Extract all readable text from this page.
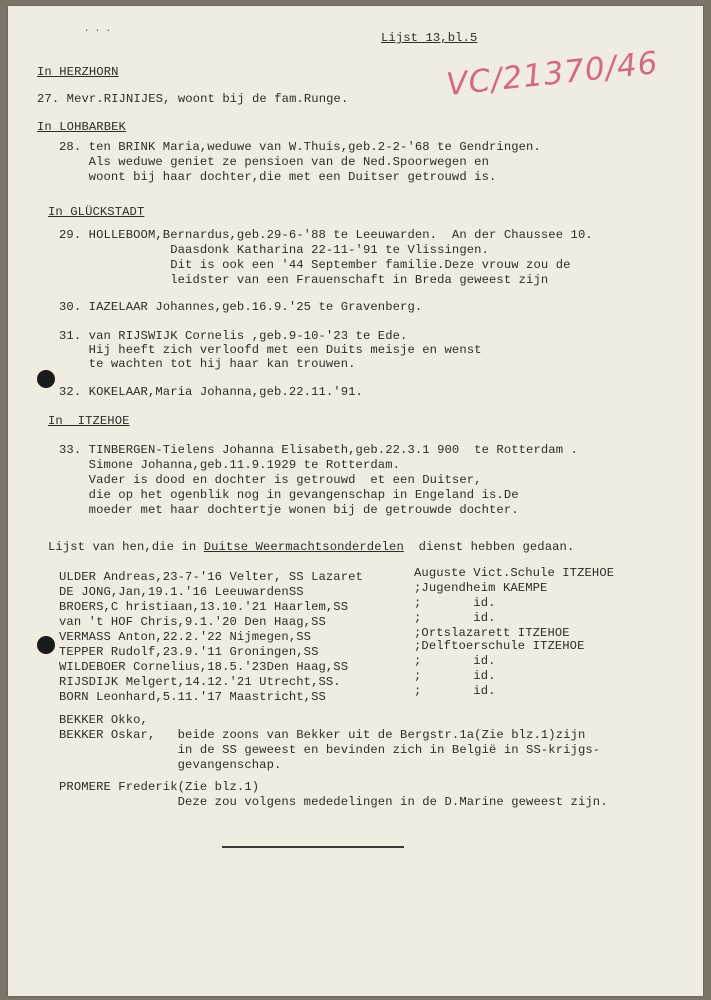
· · ·	Lijst 13,bl.5
VC/21370/46
In HERZHORN
27. Mevr.RIJNIJES, woont bij de fam.Runge.
In LOHBARBEK
28. ten BRINK Maria,weduwe van W.Thuis,geb.2-2-'68 te Gendringen.
Als weduwe geniet ze pensioen van de Ned.Spoorwegen en
woont bij haar dochter,die met een Duitser getrouwd is.
In GLÜCKSTADT
29. HOLLEBOOM,Bernardus,geb.29-6-'88 te Leeuwarden.  An der Chaussee 10.
Daasdonk Katharina 22-11-'91 te Vlissingen.
Dit is ook een '44 September familie.Deze vrouw zou de
leidster van een Frauenschaft in Breda geweest zijn
30. IAZELAAR Johannes,geb.16.9.'25 te Gravenberg.
31. van RIJSWIJK Cornelis ,geb.9-10-'23 te Ede.
Hij heeft zich verloofd met een Duits meisje en wenst
te wachten tot hij haar kan trouwen.
32. KOKELAAR,Maria Johanna,geb.22.11.'91.
In  ITZEHOE
33. TINBERGEN-Tielens Johanna Elisabeth,geb.22.3.1 900  te Rotterdam .
Simone Johanna,geb.11.9.1929 te Rotterdam.
Vader is dood en dochter is getrouwd  et een Duitser,
die op het ogenblik nog in gevangenschap in Engeland is.De
moeder met haar dochtertje wonen bij de getrouwde dochter.
Lijst van hen,die in Duitse Weermachtsonderdelen  dienst hebben gedaan.
ULDER Andreas,23-7-'16 Velter, SS Lazaret
DE JONG,Jan,19.1.'16 LeeuwardenSS
BROERS,C hristiaan,13.10.'21 Haarlem,SS
van 't HOF Chris,9.1.'20 Den Haag,SS
VERMASS Anton,22.2.'22 Nijmegen,SS
TEPPER Rudolf,23.9.'11 Groningen,SS
WILDEBOER Cornelius,18.5.'23Den Haag,SS
RIJSDIJK Melgert,14.12.'21 Utrecht,SS.
BORN Leonhard,5.11.'17 Maastricht,SS
Auguste Vict.Schule ITZEHOE
;Jugendheim KAEMPE
;       id.
;       id.
;Ortslazarett ITZEHOE
;Delftoerschule ITZEHOE
;       id.
;       id.
;       id.
BEKKER Okko,
BEKKER Oskar,   beide zoons van Bekker uit de Bergstr.1a(Zie blz.1)zijn
in de SS geweest en bevinden zich in België in SS-krijgs-
gevangenschap.
PROMERE Frederik(Zie blz.1)
Deze zou volgens mededelingen in de D.Marine geweest zijn.
